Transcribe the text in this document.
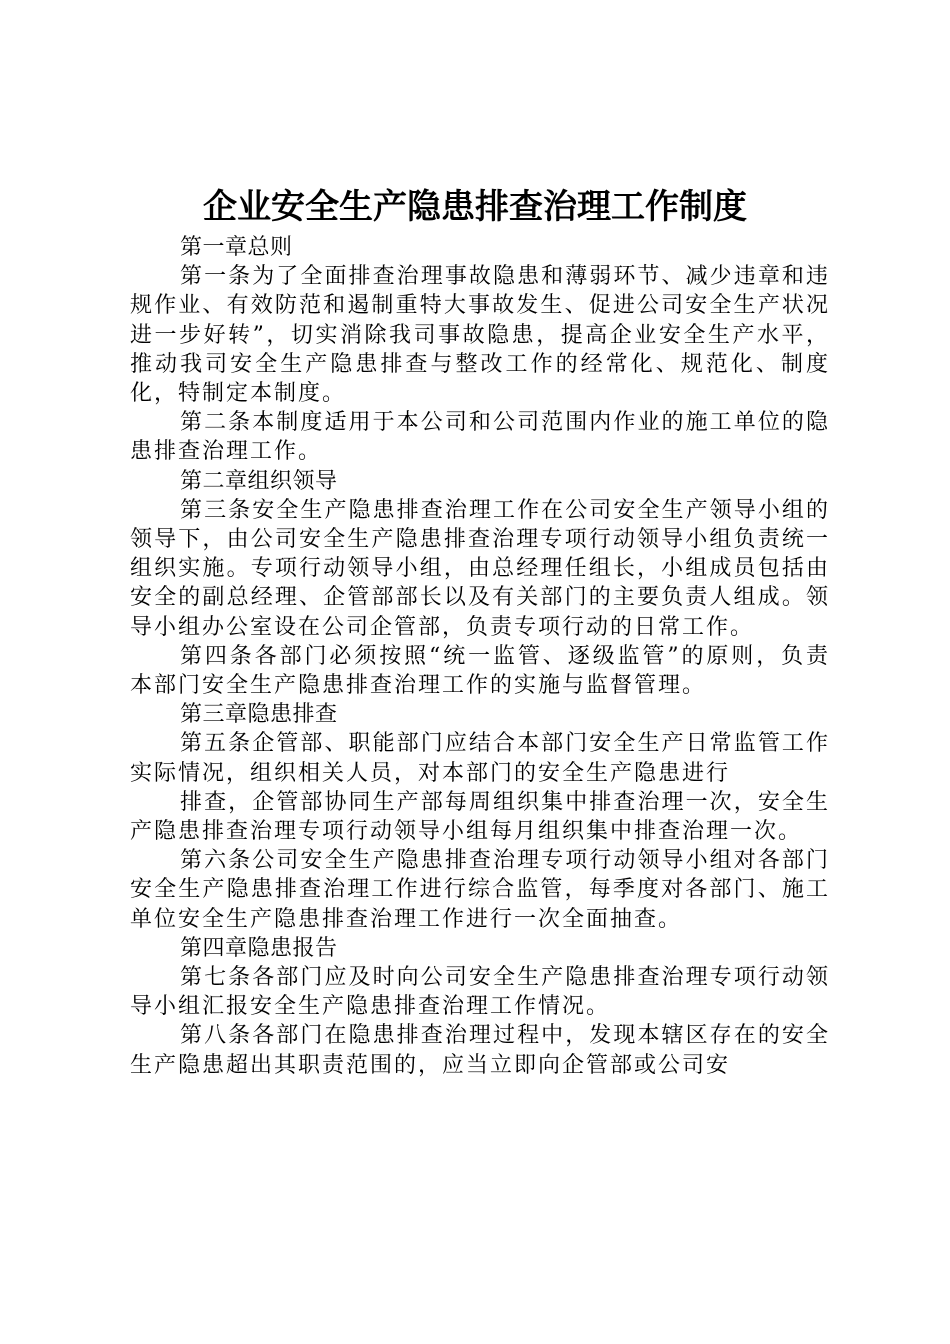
企业安全生产隐患排查治理工作制度

第一章总则

第一条为了全面排查治理事故隐患和薄弱环节、减少违章和违规作业、有效防范和遏制重特大事故发生、促进公司安全生产状况进一步好转”，切实消除我司事故隐患，提高企业安全生产水平，推动我司安全生产隐患排查与整改工作的经常化、规范化、制度化，特制定本制度。

第二条本制度适用于本公司和公司范围内作业的施工单位的隐患排查治理工作。

第二章组织领导

第三条安全生产隐患排查治理工作在公司安全生产领导小组的领导下，由公司安全生产隐患排查治理专项行动领导小组负责统一组织实施。专项行动领导小组，由总经理任组长，小组成员包括由安全的副总经理、企管部部长以及有关部门的主要负责人组成。领导小组办公室设在公司企管部，负责专项行动的日常工作。

第四条各部门必须按照“统一监管、逐级监管”的原则，负责本部门安全生产隐患排查治理工作的实施与监督管理。

第三章隐患排查

第五条企管部、职能部门应结合本部门安全生产日常监管工作实际情况，组织相关人员，对本部门的安全生产隐患进行

排查，企管部协同生产部每周组织集中排查治理一次，安全生产隐患排查治理专项行动领导小组每月组织集中排查治理一次。

第六条公司安全生产隐患排查治理专项行动领导小组对各部门安全生产隐患排查治理工作进行综合监管，每季度对各部门、施工单位安全生产隐患排查治理工作进行一次全面抽查。

第四章隐患报告

第七条各部门应及时向公司安全生产隐患排查治理专项行动领导小组汇报安全生产隐患排查治理工作情况。

第八条各部门在隐患排查治理过程中，发现本辖区存在的安全生产隐患超出其职责范围的，应当立即向企管部或公司安
